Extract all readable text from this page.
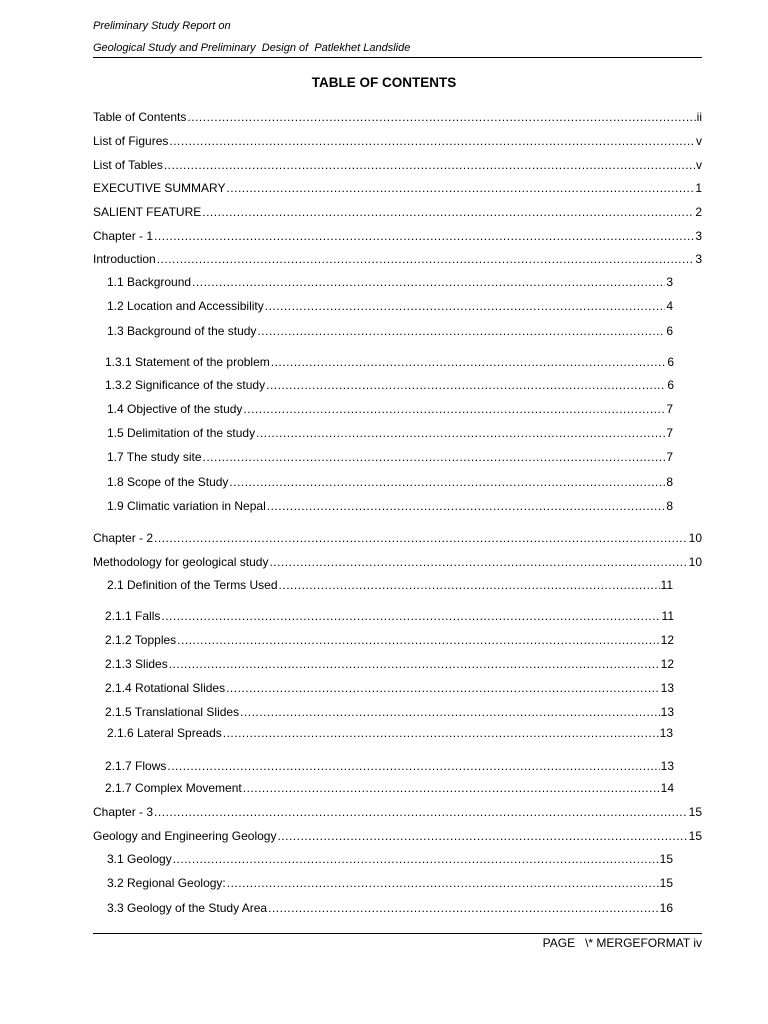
Preliminary Study Report on
Geological Study and Preliminary  Design of  Patlekhet Landslide
TABLE OF CONTENTS
Table of Contents .....	ii
List of Figures .....	v
List of Tables .....	v
EXECUTIVE SUMMARY .....	1
SALIENT FEATURE .....	2
Chapter - 1 .....	3
Introduction .....	3
1.1 Background .....	3
1.2 Location and Accessibility .....	4
1.3 Background of the study .....	6
1.3.1 Statement of the problem .....	6
1.3.2 Significance of the study .....	6
1.4 Objective of the study .....	7
1.5 Delimitation of the study .....	7
1.7 The study site .....	7
1.8 Scope of the Study .....	8
1.9 Climatic variation in Nepal .....	8
Chapter - 2 .....	10
Methodology for geological study .....	10
2.1 Definition of the Terms Used .....	11
2.1.1 Falls .....	11
2.1.2 Topples .....	12
2.1.3 Slides .....	12
2.1.4 Rotational Slides .....	13
2.1.5 Translational Slides .....	13
2.1.6 Lateral Spreads .....	13
2.1.7 Flows .....	13
2.1.7 Complex Movement .....	14
Chapter - 3 .....	15
Geology and Engineering Geology .....	15
3.1 Geology .....	15
3.2 Regional Geology: .....	15
3.3 Geology of the Study Area .....	16
PAGE   \* MERGEFORMAT iv
